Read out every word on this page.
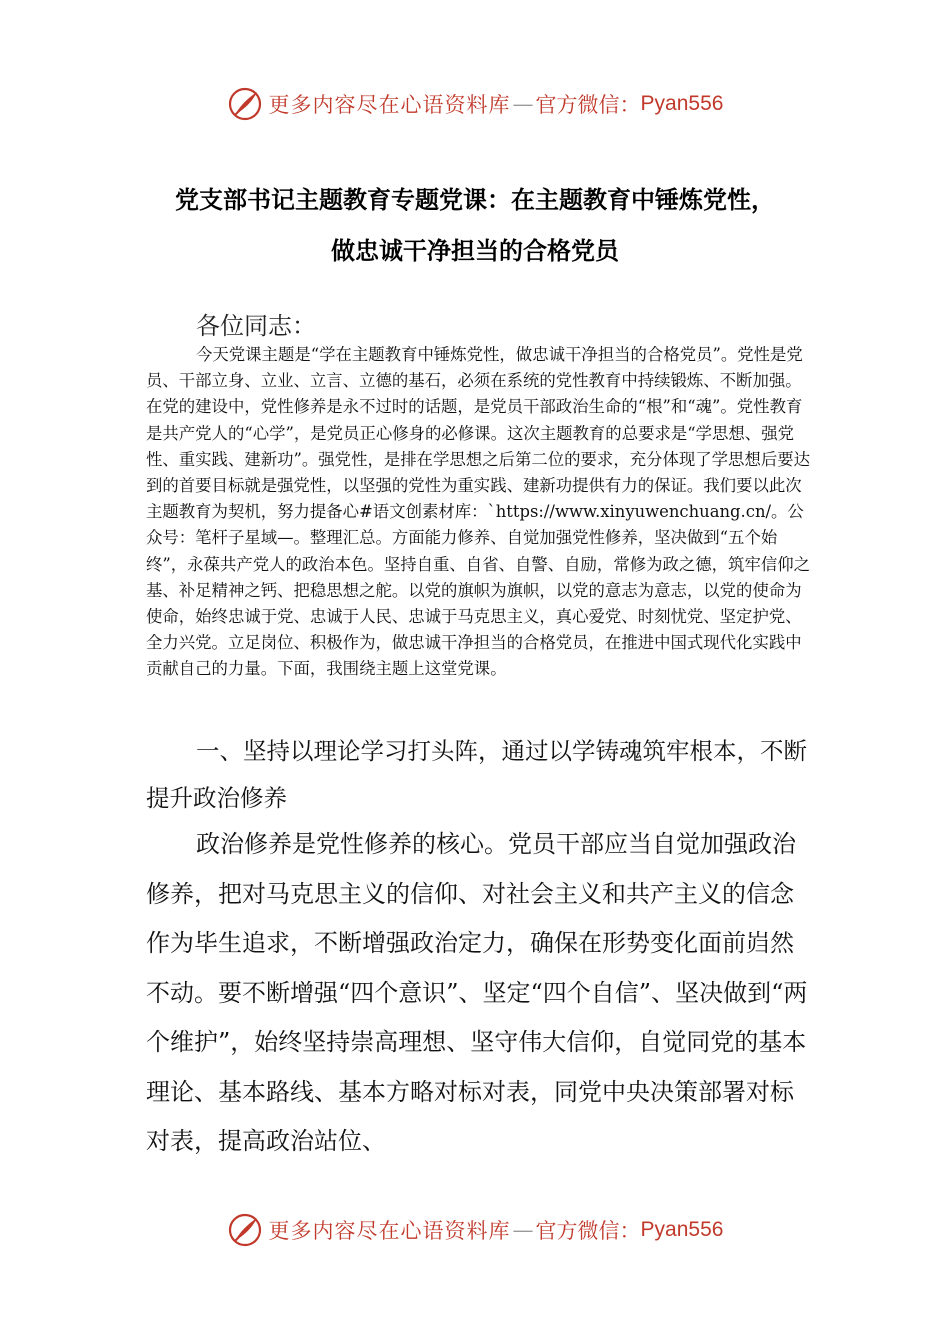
更多内容尽在心语资料库 — 官方微信： Pyan556
党支部书记主题教育专题党课：在主题教育中锤炼党性，
做忠诚干净担当的合格党员
各位同志：

今天党课主题是“学在主题教育中锤炼党性，做忠诚干净担当的合格党员”。党性是党员、干部立身、立业、立言、立德的基石，必须在系统的党性教育中持续锻炼、不断加强。在党的建设中，党性修养是永不过时的话题，是党员干部政治生命的“根”和“魂”。党性教育是共产党人的“心学”，是党员正心修身的必修课。这次主题教育的总要求是“学思想、强党性、重实践、建新功”。强党性，是排在学思想之后第二位的要求，充分体现了学思想后要达到的首要目标就是强党性，以坚强的党性为重实践、建新功提供有力的保证。我们要以此次主题教育为契机，努力提备心#语文创素材库：`https://www.xinyuwenchuang.cn/。公众号：笔杆子星域—。整理汇总。方面能力修养、自觉加强党性修养，坚决做到“五个始终”，永葆共产党人的政治本色。坚持自重、自省、自警、自励，常修为政之德，筑牢信仰之基、补足精神之钙、把稳思想之舵。以党的旗帜为旗帜，以党的意志为意志，以党的使命为使命，始终忠诚于党、忠诚于人民、忠诚于马克思主义，真心爱党、时刻忧党、坚定护党、全力兴党。立足岗位、积极作为，做忠诚干净担当的合格党员，在推进中国式现代化实践中贡献自己的力量。下面，我围绕主题上这堂党课。

一、坚持以理论学习打头阵，通过以学铸魂筑牢根本，不断提升政治修养

政治修养是党性修养的核心。党员干部应当自觉加强政治修养，把对马克思主义的信仰、对社会主义和共产主义的信念作为毕生追求，不断增强政治定力，确保在形势变化面前岿然不动。要不断增强“四个意识”、坚定“四个自信”、坚决做到“两个维护”，始终坚持崇高理想、坚守伟大信仰，自觉同党的基本理论、基本路线、基本方略对标对表，同党中央决策部署对标对表，提高政治站位、

更多内容尽在心语资料库 — 官方微信： Pyan556
